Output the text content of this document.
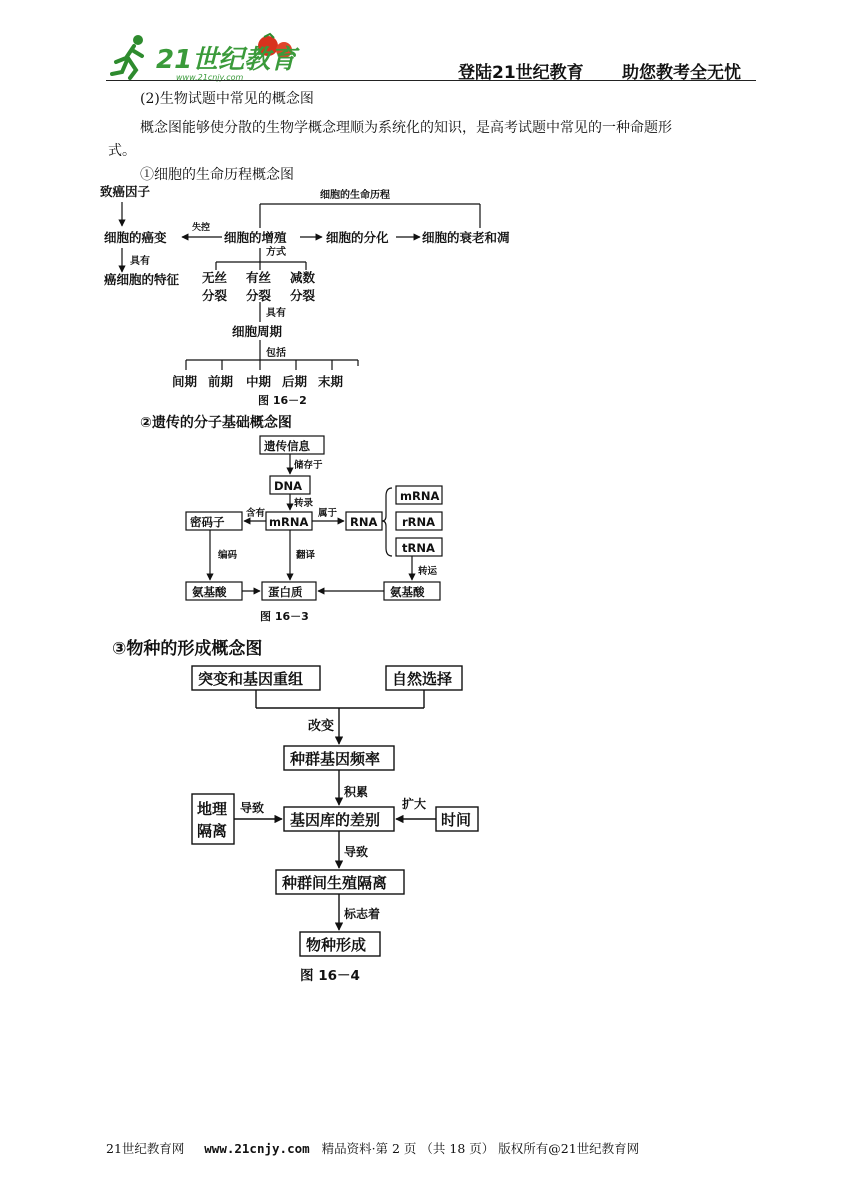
21世纪教育
www.21cnjy.com	登陆21世纪教育 助您教考全无忧
(2)生物试题中常见的概念图
概念图能够使分散的生物学概念理顺为系统化的知识，是高考试题中常见的一种命题形
式。
①细胞的生命历程概念图
细胞的生命历程
致癌因子
细胞的癌变
失控
细胞的增殖	细胞的分化	细胞的衰老和凋
具有
癌细胞的特征
方式
无丝
分裂
有丝
分裂
减数
分裂
具有
细胞周期
包括
间期 前期 中期 后期 末期
图 16－2
②遗传的分子基础概念图
遗传信息
储存于
DNA
转录
密码子
含有
mRNA
属于
RNA
mRNA
rRNA
tRNA
编码	翻译
转运
氨基酸	蛋白质	氨基酸
图 16－3
③物种的形成概念图
突变和基因重组	自然选择
改变
种群基因频率
积累
地理
隔离
导致
基因库的差别
扩大
时间
导致
种群间生殖隔离
标志着
物种形成
图 16－4
21世纪教育网 www.21cnjy.com 精品资料·第 2 页 （共 18 页） 版权所有@21世纪教育网
